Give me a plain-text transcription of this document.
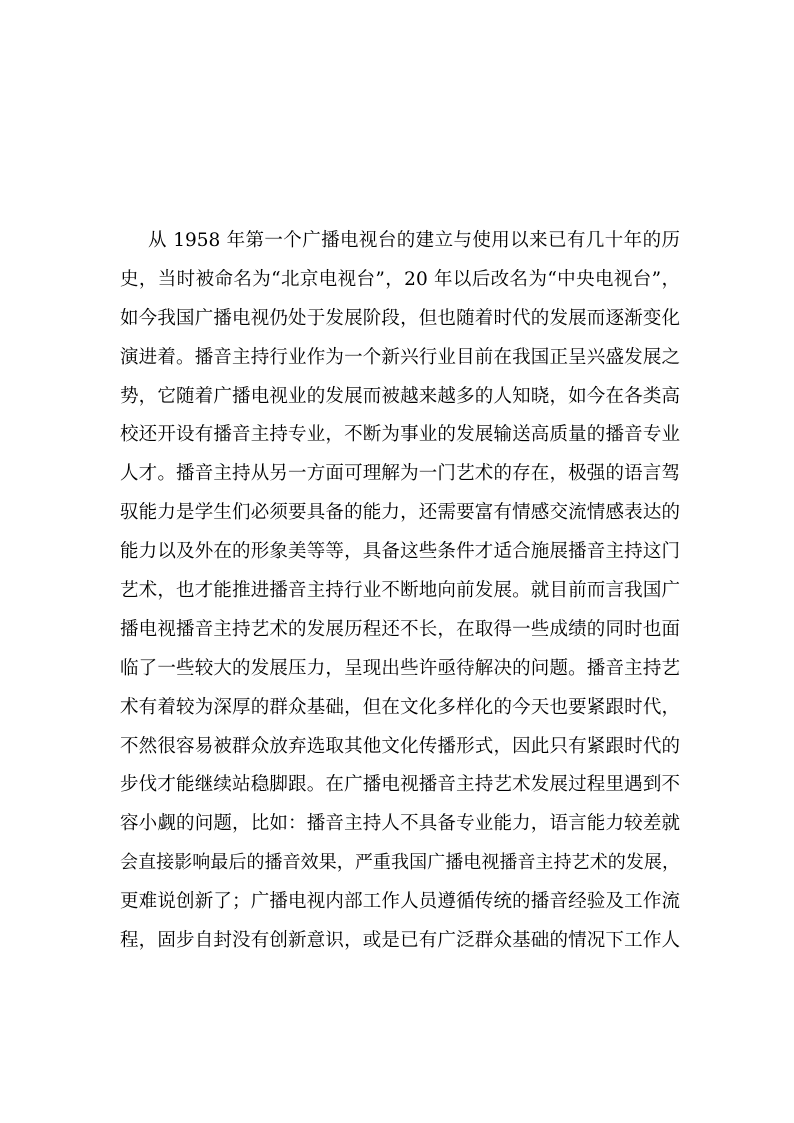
从 1958 年第一个广播电视台的建立与使用以来已有几十年的历
史，当时被命名为“北京电视台”，20 年以后改名为“中央电视台”，
如今我国广播电视仍处于发展阶段，但也随着时代的发展而逐渐变化
演进着。播音主持行业作为一个新兴行业目前在我国正呈兴盛发展之
势，它随着广播电视业的发展而被越来越多的人知晓，如今在各类高
校还开设有播音主持专业，不断为事业的发展输送高质量的播音专业
人才。播音主持从另一方面可理解为一门艺术的存在，极强的语言驾
驭能力是学生们必须要具备的能力，还需要富有情感交流情感表达的
能力以及外在的形象美等等，具备这些条件才适合施展播音主持这门
艺术，也才能推进播音主持行业不断地向前发展。就目前而言我国广
播电视播音主持艺术的发展历程还不长，在取得一些成绩的同时也面
临了一些较大的发展压力，呈现出些许亟待解决的问题。播音主持艺
术有着较为深厚的群众基础，但在文化多样化的今天也要紧跟时代，
不然很容易被群众放弃选取其他文化传播形式，因此只有紧跟时代的
步伐才能继续站稳脚跟。在广播电视播音主持艺术发展过程里遇到不
容小觑的问题，比如：播音主持人不具备专业能力，语言能力较差就
会直接影响最后的播音效果，严重我国广播电视播音主持艺术的发展，
更难说创新了；广播电视内部工作人员遵循传统的播音经验及工作流
程，固步自封没有创新意识，或是已有广泛群众基础的情况下工作人
